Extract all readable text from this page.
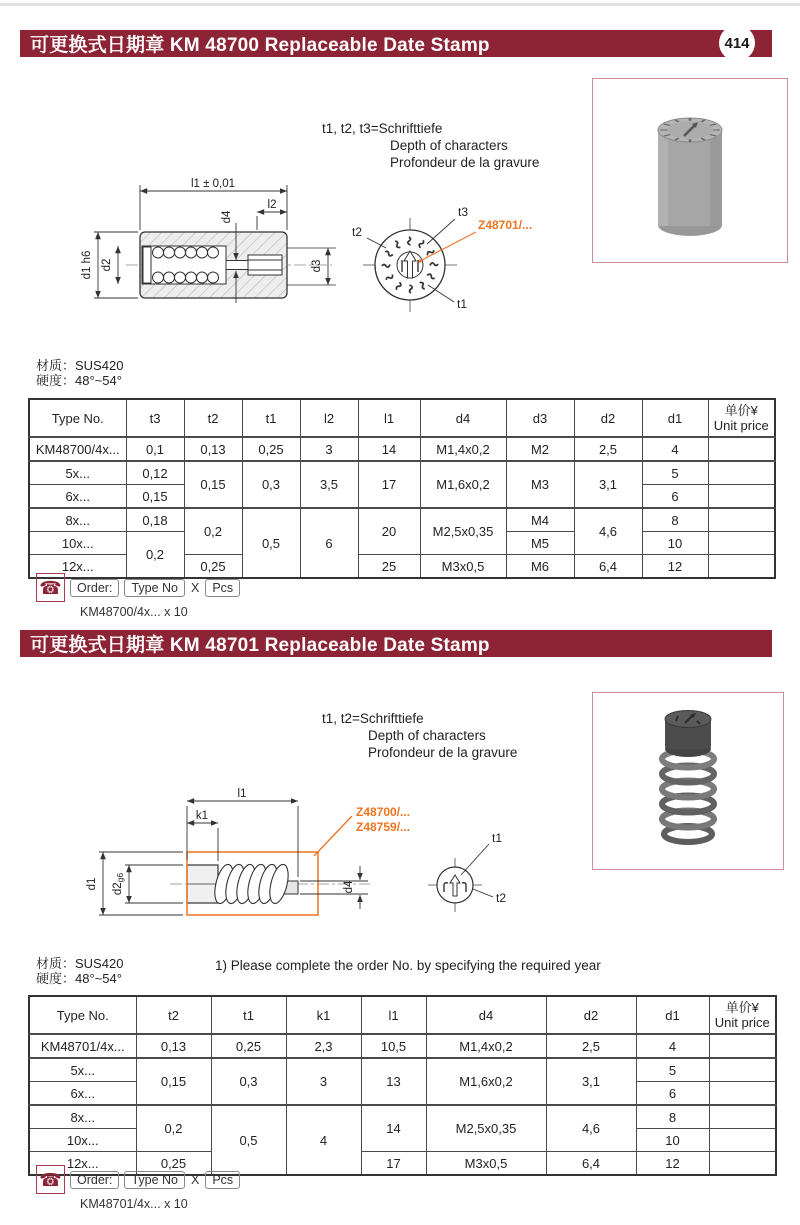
可更换式日期章 KM 48700 Replaceable Date Stamp	414
t1, t2, t3=Schrifttiefe
Depth of characters
Profondeur de la gravure
l1 ± 0,01
l2
d4
d1 h6 d2	d3
t2
t3
t1
Z48701/...
材质：SUS420
硬度：48°~54°
Type No.	t3	t2	t1	l2	l1	d4	d3	d2	d1	单价¥
Unit price

KM48700/4x...	0,1	0,13	0,25	3	14	M1,4x0,2	M2	2,5	4	
5x...	0,12	0,15	0,3	3,5	17	M1,6x0,2	M3	3,1	5	
6x...	0,15								6	
8x...	0,18	0,2	0,5	6	20	M2,5x0,35	M4	4,6	8	
10x...	0,2						M5		10	
12x...		0,25			25	M3x0,5	M6	6,4	12	
☎	Order:	Type No	X	Pcs
KM48700/4x... x 10
可更换式日期章 KM 48701 Replaceable Date Stamp
t1, t2=Schrifttiefe
Depth of characters
Profondeur de la gravure
l1
k1
d1 d2g6
d4
Z48700/...
Z48759/...
t1
t2
材质：SUS420
硬度：48°~54°
1) Please complete the order No. by specifying the required year
Type No.	t2	t1	k1	l1	d4	d2	d1	单价¥
Unit price

KM48701/4x...	0,13	0,25	2,3	10,5	M1,4x0,2	2,5	4	
5x...	0,15	0,3	3	13	M1,6x0,2	3,1	5	
6x...							6	
8x...	0,2	0,5	4	14	M2,5x0,35	4,6	8	
10x...							10	
12x...	0,25			17	M3x0,5	6,4	12	
☎	Order:	Type No	X	Pcs
KM48701/4x... x 10
